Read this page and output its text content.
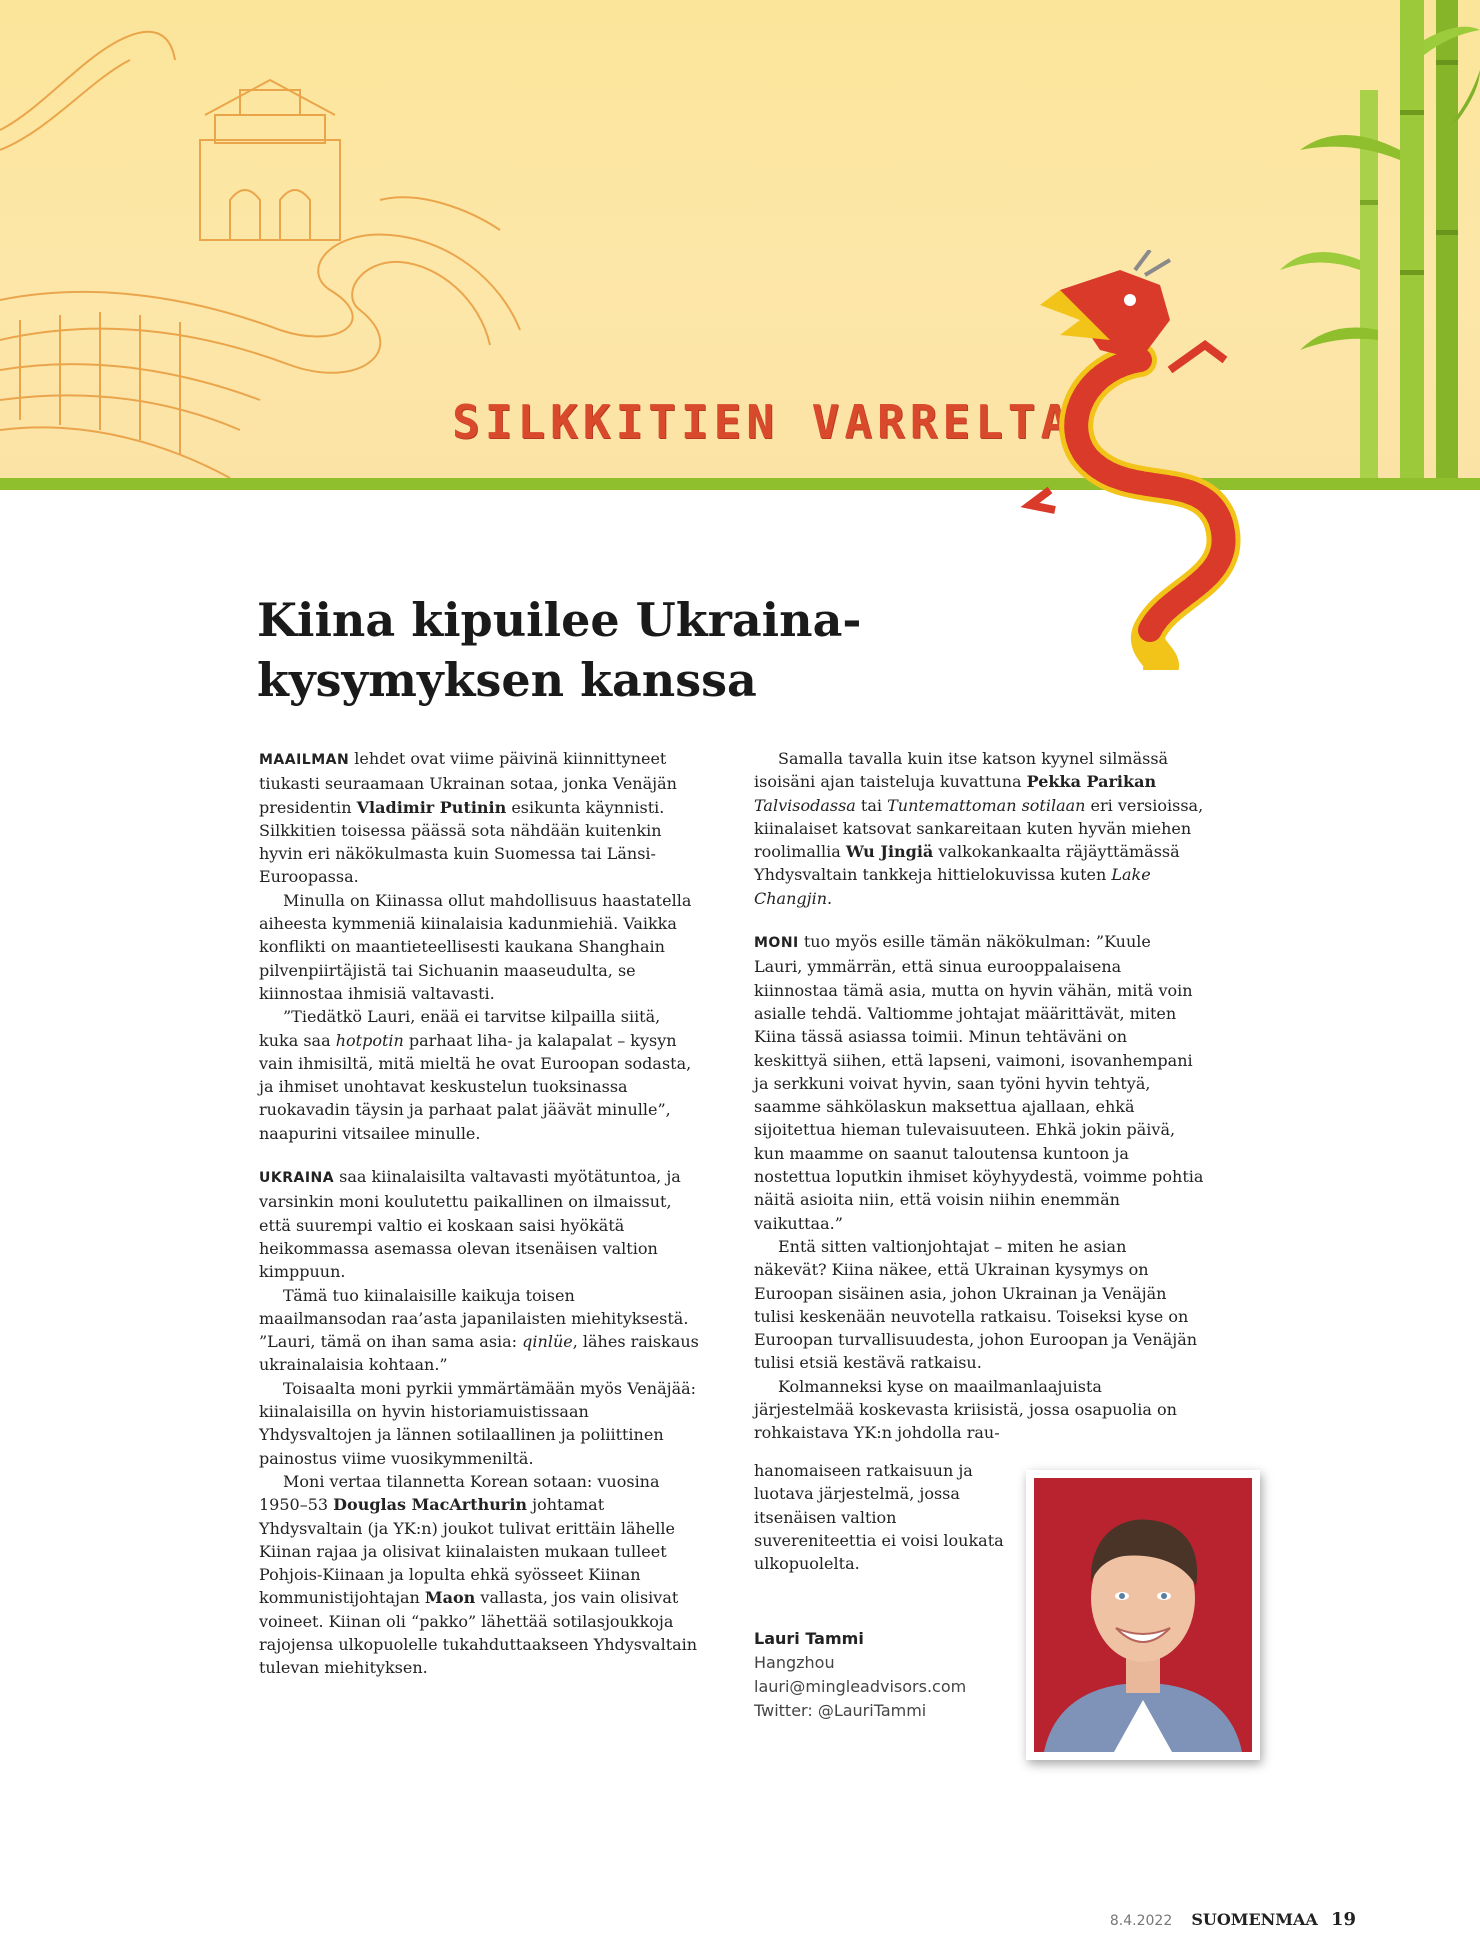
SILKKITIEN VARRELTA
Kiina kipuilee Ukraina-kysymyksen kanssa

MAAILMAN lehdet ovat viime päivinä kiinnittyneet tiukasti seuraamaan Ukrainan sotaa, jonka Venäjän presidentin Vladimir Putinin esikunta käynnisti. Silkkitien toisessa päässä sota nähdään kuitenkin hyvin eri näkökulmasta kuin Suomessa tai Länsi-Euroopassa.

Minulla on Kiinassa ollut mahdollisuus haastatella aiheesta kymmeniä kiinalaisia kadunmiehiä. Vaikka konflikti on maantieteellisesti kaukana Shanghain pilvenpiirtäjistä tai Sichuanin maaseudulta, se kiinnostaa ihmisiä valtavasti.

”Tiedätkö Lauri, enää ei tarvitse kilpailla siitä, kuka saa hotpotin parhaat liha- ja kalapalat – kysyn vain ihmisiltä, mitä mieltä he ovat Euroopan sodasta, ja ihmiset unohtavat keskustelun tuoksinassa ruokavadin täysin ja parhaat palat jäävät minulle”, naapurini vitsailee minulle.

UKRAINA saa kiinalaisilta valtavasti myötätuntoa, ja varsinkin moni koulutettu paikallinen on ilmaissut, että suurempi valtio ei koskaan saisi hyökätä heikommassa asemassa olevan itsenäisen valtion kimppuun.

Tämä tuo kiinalaisille kaikuja toisen maailmansodan raa’asta japanilaisten miehityksestä. ”Lauri, tämä on ihan sama asia: qinlüe, lähes raiskaus ukrainalaisia kohtaan.”

Toisaalta moni pyrkii ymmärtämään myös Venäjää: kiinalaisilla on hyvin historiamuistissaan Yhdysvaltojen ja lännen sotilaallinen ja poliittinen painostus viime vuosikymmeniltä.

Moni vertaa tilannetta Korean sotaan: vuosina 1950–53 Douglas MacArthurin johtamat Yhdysvaltain (ja YK:n) joukot tulivat erittäin lähelle Kiinan rajaa ja olisivat kiinalaisten mukaan tulleet Pohjois-Kiinaan ja lopulta ehkä syösseet Kiinan kommunistijohtajan Maon vallasta, jos vain olisivat voineet. Kiinan oli “pakko” lähettää sotilasjoukkoja rajojensa ulkopuolelle tukahduttaakseen Yhdysvaltain tulevan miehityksen.

Samalla tavalla kuin itse katson kyynel silmässä isoisäni ajan taisteluja kuvattuna Pekka Parikan Talvisodassa tai Tuntemattoman sotilaan eri versioissa, kiinalaiset katsovat sankareitaan kuten hyvän miehen roolimallia Wu Jingiä valkokankaalta räjäyttämässä Yhdysvaltain tankkeja hittielokuvissa kuten Lake Changjin.

MONI tuo myös esille tämän näkökulman: ”Kuule Lauri, ymmärrän, että sinua eurooppalaisena kiinnostaa tämä asia, mutta on hyvin vähän, mitä voin asialle tehdä. Valtiomme johtajat määrittävät, miten Kiina tässä asiassa toimii. Minun tehtäväni on keskittyä siihen, että lapseni, vaimoni, isovanhempani ja serkkuni voivat hyvin, saan työni hyvin tehtyä, saamme sähkölaskun maksettua ajallaan, ehkä sijoitettua hieman tulevaisuuteen. Ehkä jokin päivä, kun maamme on saanut taloutensa kuntoon ja nostettua loputkin ihmiset köyhyydestä, voimme pohtia näitä asioita niin, että voisin niihin enemmän vaikuttaa.”

Entä sitten valtionjohtajat – miten he asian näkevät? Kiina näkee, että Ukrainan kysymys on Euroopan sisäinen asia, johon Ukrainan ja Venäjän tulisi keskenään neuvotella ratkaisu. Toiseksi kyse on Euroopan turvallisuudesta, johon Euroopan ja Venäjän tulisi etsiä kestävä ratkaisu.

Kolmanneksi kyse on maailmanlaajuista järjestelmää koskevasta kriisistä, jossa osapuolia on rohkaistava YK:n johdolla rau-

hanomaiseen ratkaisuun ja luotava järjestelmä, jossa itsenäisen valtion suvereniteettia ei voisi loukata ulkopuolelta.

Lauri Tammi
Hangzhou
lauri@mingleadvisors.com
Twitter: @LauriTammi
8.4.2022 SUOMENMAA 19
